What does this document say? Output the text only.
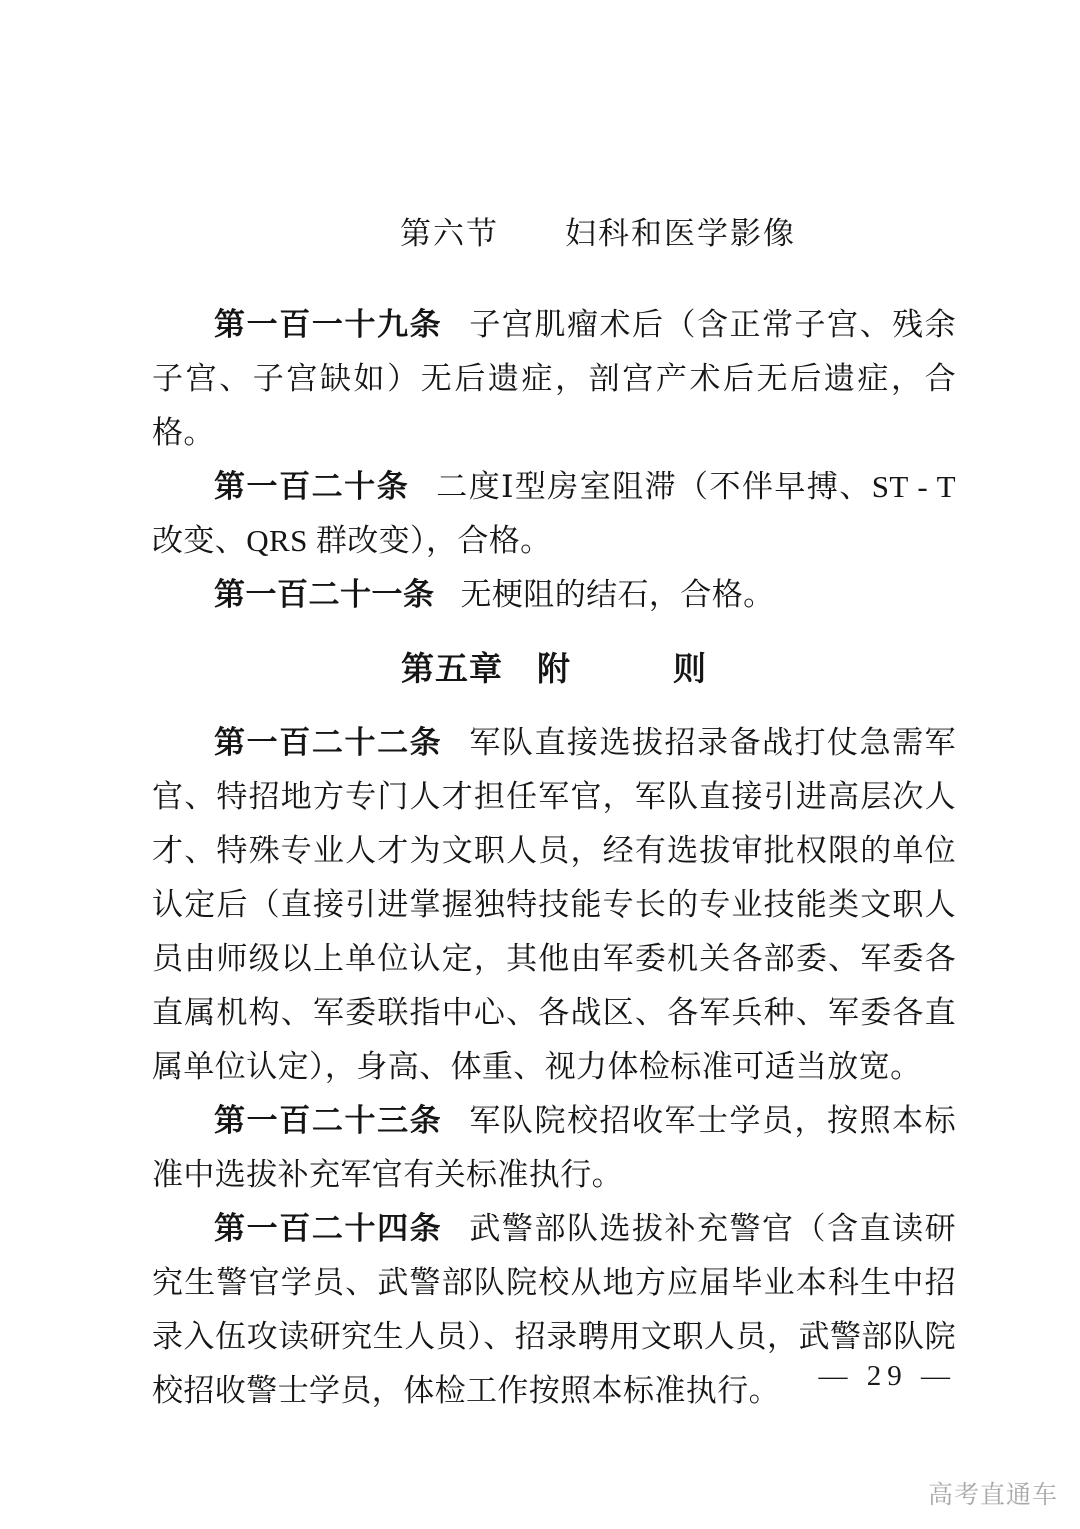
第六节　　妇科和医学影像

第一百一十九条 子宫肌瘤术后（含正常子宫、残余子宫、子宫缺如）无后遗症，剖宫产术后无后遗症，合格。

第一百二十条 二度Ⅰ型房室阻滞（不伴早搏、ST - T 改变、QRS 群改变），合格。

第一百二十一条 无梗阻的结石，合格。

第五章　附　　　则

第一百二十二条 军队直接选拔招录备战打仗急需军官、特招地方专门人才担任军官，军队直接引进高层次人才、特殊专业人才为文职人员，经有选拔审批权限的单位认定后（直接引进掌握独特技能专长的专业技能类文职人员由师级以上单位认定，其他由军委机关各部委、军委各直属机构、军委联指中心、各战区、各军兵种、军委各直属单位认定），身高、体重、视力体检标准可适当放宽。

第一百二十三条 军队院校招收军士学员，按照本标准中选拔补充军官有关标准执行。

第一百二十四条 武警部队选拔补充警官（含直读研究生警官学员、武警部队院校从地方应届毕业本科生中招录入伍攻读研究生人员）、招录聘用文职人员，武警部队院校招收警士学员，体检工作按照本标准执行。	— 29 —
高考直通车
